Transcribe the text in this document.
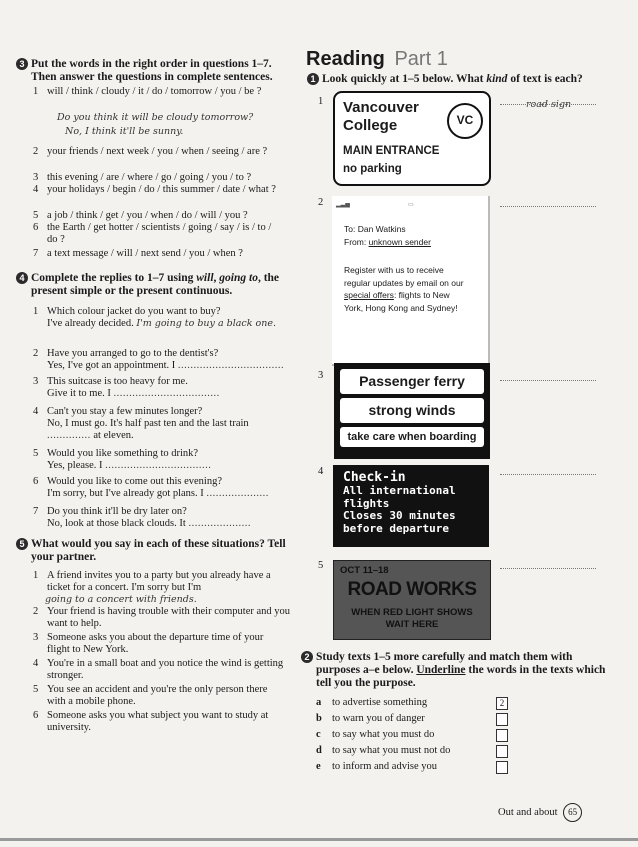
3 Put the words in the right order in questions 1–7. Then answer the questions in complete sentences.
1 will / think / cloudy / it / do / tomorrow / you / be ?
Do you think it will be cloudy tomorrow?
No, I think it'll be sunny.
2 your friends / next week / you / when / seeing / are ?
3 this evening / are / where / go / going / you / to ?
4 your holidays / begin / do / this summer / date / what ?
5 a job / think / get / you / when / do / will / you ?
6 the Earth / get hotter / scientists / going / say / is / to / do ?
7 a text message / will / next send / you / when ?
4 Complete the replies to 1–7 using will, going to, the present simple or the present continuous.
1 Which colour jacket do you want to buy?
I've already decided. I'm going to buy a black one.
2 Have you arranged to go to the dentist's?
Yes, I've got an appointment. I ..................................
3 This suitcase is too heavy for me.
Give it to me. I ..................................
4 Can't you stay a few minutes longer?
No, I must go. It's half past ten and the last train
.............. at eleven.
5 Would you like something to drink?
Yes, please. I ..................................
6 Would you like to come out this evening?
I'm sorry, but I've already got plans. I ....................
7 Do you think it'll be dry later on?
No, look at those black clouds. It ....................
5 What would you say in each of these situations? Tell your partner.
1 A friend invites you to a party but you already have a ticket for a concert. I'm sorry but I'm
going to a concert with friends.
2 Your friend is having trouble with their computer and you want to help.
3 Someone asks you about the departure time of your flight to New York.
4 You're in a small boat and you notice the wind is getting stronger.
5 You see an accident and you're the only person there with a mobile phone.
6 Someone asks you what subject you want to study at university.
Reading Part 1
1 Look quickly at 1–5 below. What kind of text is each?
1 Vancouver
College	VC
MAIN ENTRANCE
no parking
road sign
2 ▂▃▅	▭
To: Dan Watkins
From: unknown sender
Register with us to receive regular updates by email on our special offers: flights to New York, Hong Kong and Sydney!
3	Passenger ferry
strong winds
take care when boarding
4 Check-in
All international
flights
Closes 30 minutes
before departure
5 OCT 11–18
ROAD WORKS
WHEN RED LIGHT SHOWS
WAIT HERE
2 Study texts 1–5 more carefully and match them with purposes a–e below. Underline the words in the texts which tell you the purpose.
a to advertise something
b to warn you of danger
c to say what you must do
d to say what you must not do
e to inform and advise you
2
Out and about 65
